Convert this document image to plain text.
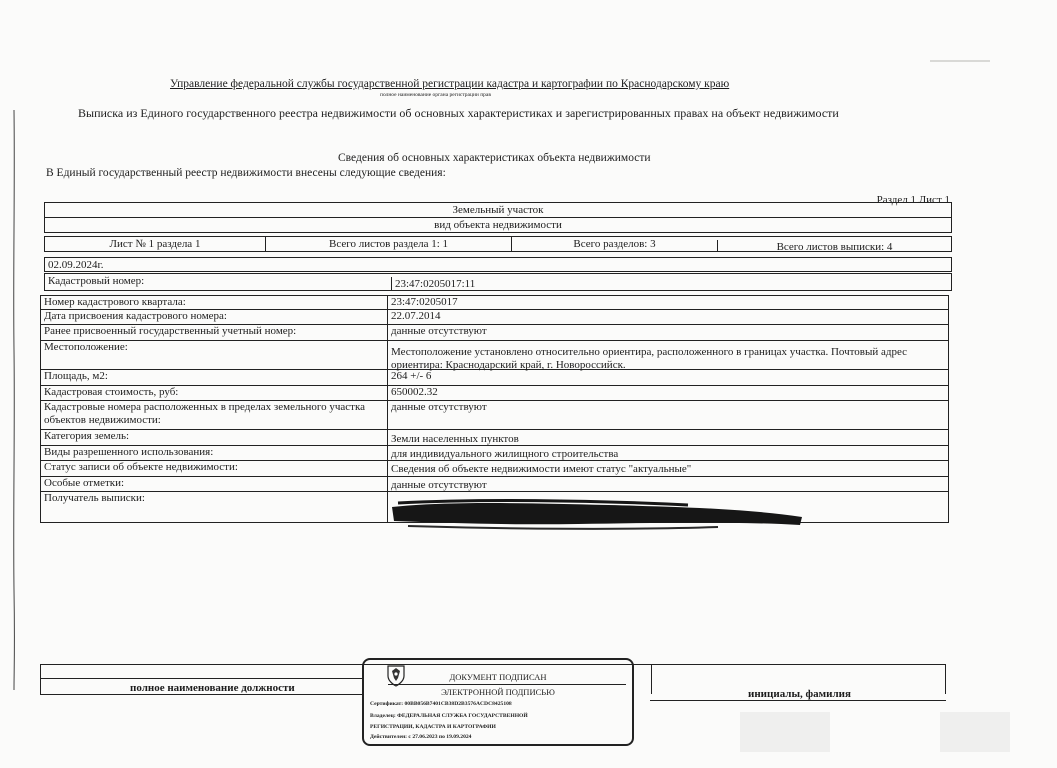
Управление федеральной службы государственной регистрации кадастра и картографии по Краснодарскому краю
полное наименование органа регистрации прав
Выписка из Единого государственного реестра недвижимости об основных характеристиках и зарегистрированных правах на объект недвижимости
Сведения об основных характеристиках объекта недвижимости
В Единый государственный реестр недвижимости внесены следующие сведения:
Раздел 1 Лист 1
Земельный участок
вид объекта недвижимости
Лист № 1 раздела 1	Всего листов раздела 1: 1	Всего разделов: 3	Всего листов выписки: 4
02.09.2024г.
Кадастровый номер:	23:47:0205017:11
Номер кадастрового квартала:	23:47:0205017
Дата присвоения кадастрового номера:	22.07.2014
Ранее присвоенный государственный учетный номер:	данные отсутствуют
Местоположение:	Местоположение установлено относительно ориентира, расположенного в границах участка. Почтовый адрес ориентира: Краснодарский край, г. Новороссийск.
Площадь, м2:	264 +/- 6
Кадастровая стоимость, руб:	650002.32
Кадастровые номера расположенных в пределах земельного участка объектов недвижимости:
данные отсутствуют
Категория земель:	Земли населенных пунктов
Виды разрешенного использования:	для индивидуального жилищного строительства
Статус записи об объекте недвижимости:	Сведения об объекте недвижимости имеют статус "актуальные"
Особые отметки:	данные отсутствуют
Получатель выписки:
полное наименование должности	инициалы, фамилия
ДОКУМЕНТ ПОДПИСАН
ЭЛЕКТРОННОЙ ПОДПИСЬЮ
Сертификат: 00BB056B7401CB38D2B3576ACDC8425108
Владелец: ФЕДЕРАЛЬНАЯ СЛУЖБА ГОСУДАРСТВЕННОЙ
РЕГИСТРАЦИИ, КАДАСТРА И КАРТОГРАФИИ
Действителен: с 27.06.2023 по 19.09.2024
